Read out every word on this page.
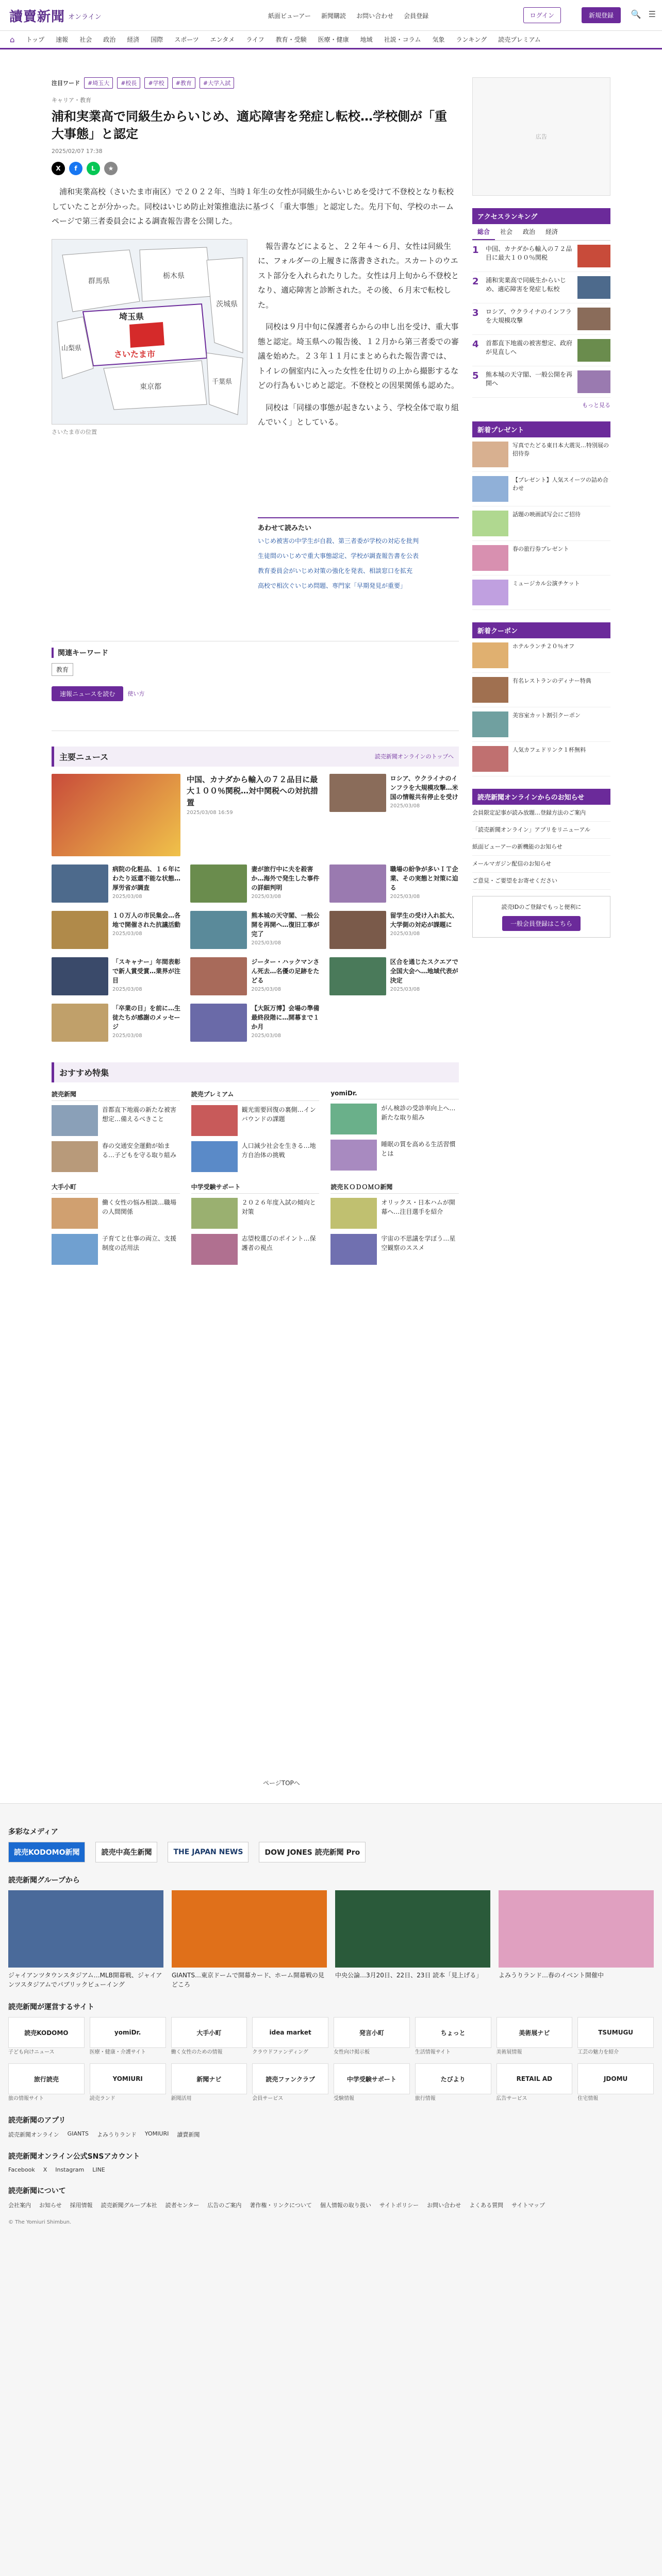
讀賣新聞 オンライン	紙面ビューアー 新聞購読 お問い合わせ 会員登録	ログイン	新規登録	🔍 ☰
⌂	トップ	速報	社会	政治	経済	国際	スポーツ	エンタメ	ライフ	教育・受験	医療・健康	地域	社説・コラム	気象	ランキング	読売プレミアム
注目ワード	#埼玉大	#校長	#学校	#教育	#大学入試
キャリア・教育
浦和実業高で同級生からいじめ、適応障害を発症し転校…学校側が「重大事態」と認定
2025/02/07 17:38
X	f	L	★

浦和実業高校（さいたま市南区）で２０２２年、当時１年生の女性が同級生からいじめを受けて不登校となり転校していたことが分かった。同校はいじめ防止対策推進法に基づく「重大事態」と認定した。先月下旬、学校のホームページで第三者委員会による調査報告書を公開した。

群馬県
栃木県
茨城県
埼玉県
さいたま市
山梨県
東京都
千葉県
さいたま市の位置

報告書などによると、２２年４〜６月、女性は同級生に、フォルダーの上履きに落書きされた。スカートのウエスト部分を入れられたりした。女性は月上旬から不登校となり、適応障害と診断された。その後、６月末で転校した。

同校は９月中旬に保護者らからの申し出を受け、重大事態と認定。埼玉県への報告後、１２月から第三者委での審議を始めた。２３年１１月にまとめられた報告書では、トイレの個室内に入った女性を仕切りの上から撮影するなどの行為もいじめと認定。不登校との因果関係も認めた。

同校は「同様の事態が起きないよう、学校全体で取り組んでいく」としている。

あわせて読みたい
いじめ被害の中学生が自殺、第三者委が学校の対応を批判
生徒間のいじめで重大事態認定、学校が調査報告書を公表
教育委員会がいじめ対策の強化を発表、相談窓口を拡充
高校で相次ぐいじめ問題、専門家「早期発見が重要」
関連キーワード
教育
速報ニュースを読む	使い方
主要ニュース	読売新聞オンラインのトップへ
中国、カナダから輸入の７２品目に最大１００％関税…対中関税への対抗措置
2025/03/08 16:59
ロシア、ウクライナのインフラを大規模攻撃…米国の情報共有停止を受け
2025/03/08
病院の化粧品、１６年にわたり返還不能な状態…厚労省が調査
2025/03/08
妻が旅行中に夫を殺害か…海外で発生した事件の詳細判明
2025/03/08
職場の紛争が多いＩＴ企業、その実態と対策に迫る
2025/03/08
１０万人の市民集会…各地で開催された抗議活動
2025/03/08
熊本城の天守閣、一般公開を再開へ…復旧工事が完了
2025/03/08
留学生の受け入れ拡大、大学側の対応が課題に
2025/03/08
「スキャナー」年間表彰で新人賞受賞…業界が注目
2025/03/08
ジーター・ハックマンさん死去…名優の足跡をたどる
2025/03/08
区合を通じたスクエアで全国大会へ…地域代表が決定
2025/03/08
「卒業の日」を前に…生徒たちが感謝のメッセージ
2025/03/08
【大阪万博】会場の準備最終段階に…開幕まで１か月
2025/03/08
おすすめ特集
読売新聞
首都直下地震の新たな被害想定…備えるべきこと
春の交通安全運動が始まる…子どもを守る取り組み
読売プレミアム
観光需要回復の裏側…インバウンドの課題
人口減少社会を生きる…地方自治体の挑戦
yomiDr.
がん検診の受診率向上へ…新たな取り組み
睡眠の質を高める生活習慣とは
大手小町
働く女性の悩み相談…職場の人間関係
子育てと仕事の両立、支援制度の活用法
中学受験サポート
２０２６年度入試の傾向と対策
志望校選びのポイント…保護者の視点
読売ＫＯＤＯＭＯ新聞
オリックス・日本ハムが開幕へ…注目選手を紹介
宇宙の不思議を学ぼう…星空観察のススメ
広告
アクセスランキング
総合	社会	政治	経済
1	中国、カナダから輸入の７２品目に最大１００％関税
2	浦和実業高で同級生からいじめ、適応障害を発症し転校
3	ロシア、ウクライナのインフラを大規模攻撃
4	首都直下地震の被害想定、政府が見直しへ
5	熊本城の天守閣、一般公開を再開へ
もっと見る
新着プレゼント
写真でたどる東日本大震災…特別展の招待券
【プレゼント】人気スイーツの詰め合わせ
話題の映画試写会にご招待
春の旅行券プレゼント
ミュージカル公演チケット
新着クーポン
ホテルランチ２０％オフ
有名レストランのディナー特典
美容室カット割引クーポン
人気カフェドリンク１杯無料
読売新聞オンラインからのお知らせ
会員限定記事が読み放題…登録方法のご案内
「読売新聞オンライン」アプリをリニューアル
紙面ビューアーの新機能のお知らせ
メールマガジン配信のお知らせ
ご意見・ご要望をお寄せください
読売IDのご登録でもっと便利に
一般会員登録はこちら
ページTOPへ
多彩なメディア
読売KODOMO新聞	読売中高生新聞	THE JAPAN NEWS	DOW JONES 読売新聞 Pro
読売新聞グループから
ジャイアンツタウンスタジアム…MLB開幕戦、ジャイアンツスタジアムでパブリックビューイング
GIANTS…東京ドームで開幕カード、ホーム開幕戦の見どころ
中央公論…3月20日、22日、23日 読本「見上げる」	よみうりランド…春のイベント開催中
読売新聞が運営するサイト
読売KODOMO
子ども向けニュース
yomiDr.
医療・健康・介護サイト
大手小町
働く女性のための情報
idea market
クラウドファンディング
発言小町
女性向け掲示板
ちょっと
生活情報サイト
美術展ナビ
美術展情報
TSUMUGU
工芸の魅力を紹介
旅行読売
旅の情報サイト
YOMIURI
読売ランド
新聞ナビ
新聞活用
読売ファンクラブ
会員サービス
中学受験サポート
受験情報
たびより
旅行情報
RETAIL AD
広告サービス
JDOMU
住宅情報
読売新聞のアプリ
読売新聞オンライン GIANTS よみうりランド YOMIURI 讀賣新聞
読売新聞オンライン公式SNSアカウント
Facebook X Instagram LINE
読売新聞について
会社案内 お知らせ 採用情報 読売新聞グループ本社 読者センター 広告のご案内 著作権・リンクについて 個人情報の取り扱い サイトポリシー お問い合わせ よくある質問 サイトマップ
© The Yomiuri Shimbun.
